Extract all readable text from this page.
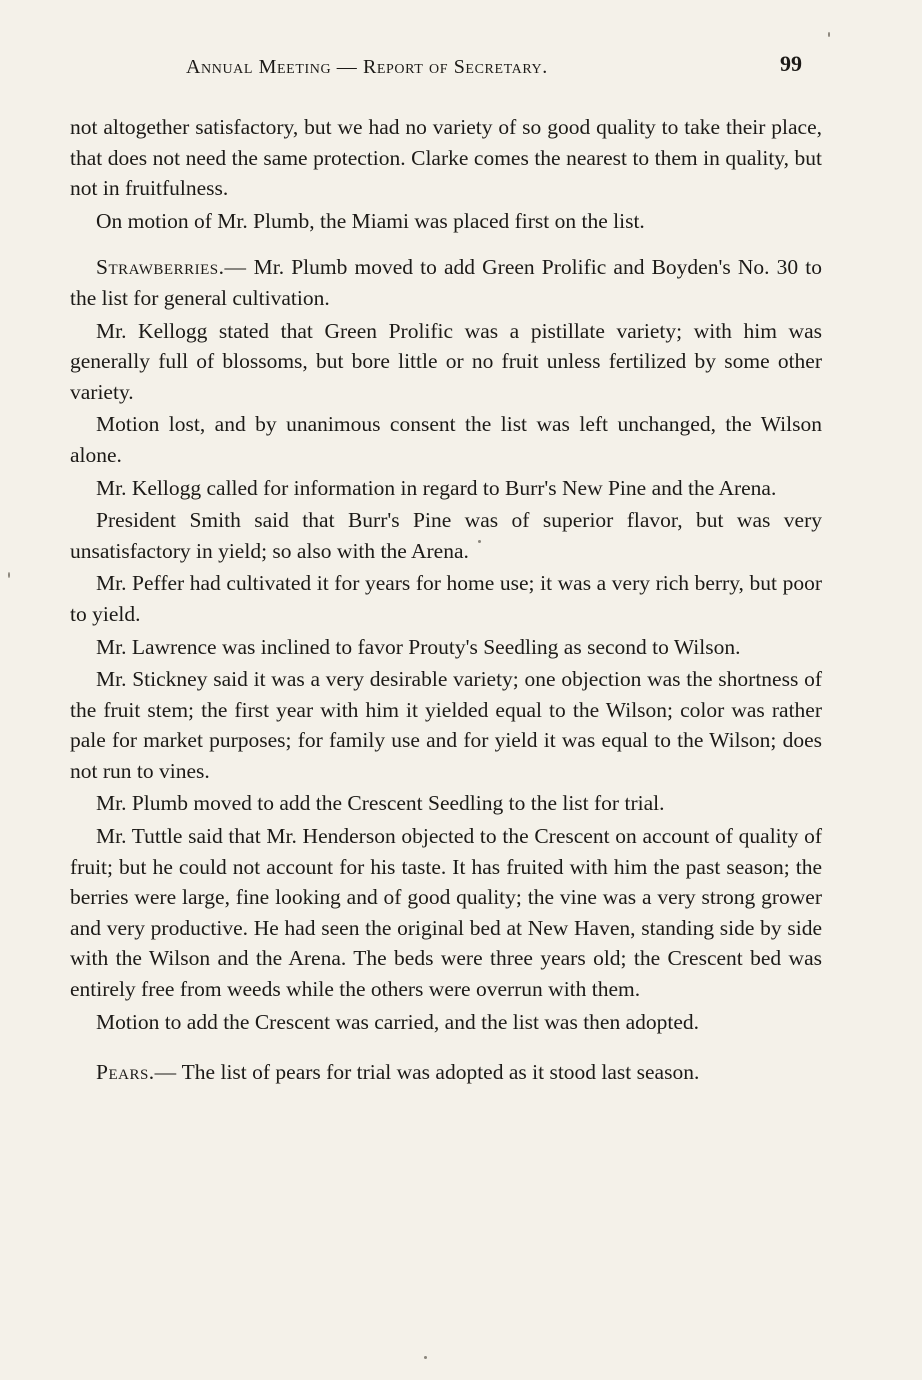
Annual Meeting — Report of Secretary.	99

not altogether satisfactory, but we had no variety of so good quality to take their place, that does not need the same protection. Clarke comes the nearest to them in quality, but not in fruitfulness.

On motion of Mr. Plumb, the Miami was placed first on the list.

Strawberries.— Mr. Plumb moved to add Green Prolific and Boyden's No. 30 to the list for general cultivation.

Mr. Kellogg stated that Green Prolific was a pistillate variety; with him was generally full of blossoms, but bore little or no fruit unless fertilized by some other variety.

Motion lost, and by unanimous consent the list was left unchanged, the Wilson alone.

Mr. Kellogg called for information in regard to Burr's New Pine and the Arena.

President Smith said that Burr's Pine was of superior flavor, but was very unsatisfactory in yield; so also with the Arena.

Mr. Peffer had cultivated it for years for home use; it was a very rich berry, but poor to yield.

Mr. Lawrence was inclined to favor Prouty's Seedling as second to Wilson.

Mr. Stickney said it was a very desirable variety; one objection was the shortness of the fruit stem; the first year with him it yielded equal to the Wilson; color was rather pale for market purposes; for family use and for yield it was equal to the Wilson; does not run to vines.

Mr. Plumb moved to add the Crescent Seedling to the list for trial.

Mr. Tuttle said that Mr. Henderson objected to the Crescent on account of quality of fruit; but he could not account for his taste. It has fruited with him the past season; the berries were large, fine looking and of good quality; the vine was a very strong grower and very productive. He had seen the original bed at New Haven, standing side by side with the Wilson and the Arena. The beds were three years old; the Crescent bed was entirely free from weeds while the others were overrun with them.

Motion to add the Crescent was carried, and the list was then adopted.

Pears.— The list of pears for trial was adopted as it stood last season.
